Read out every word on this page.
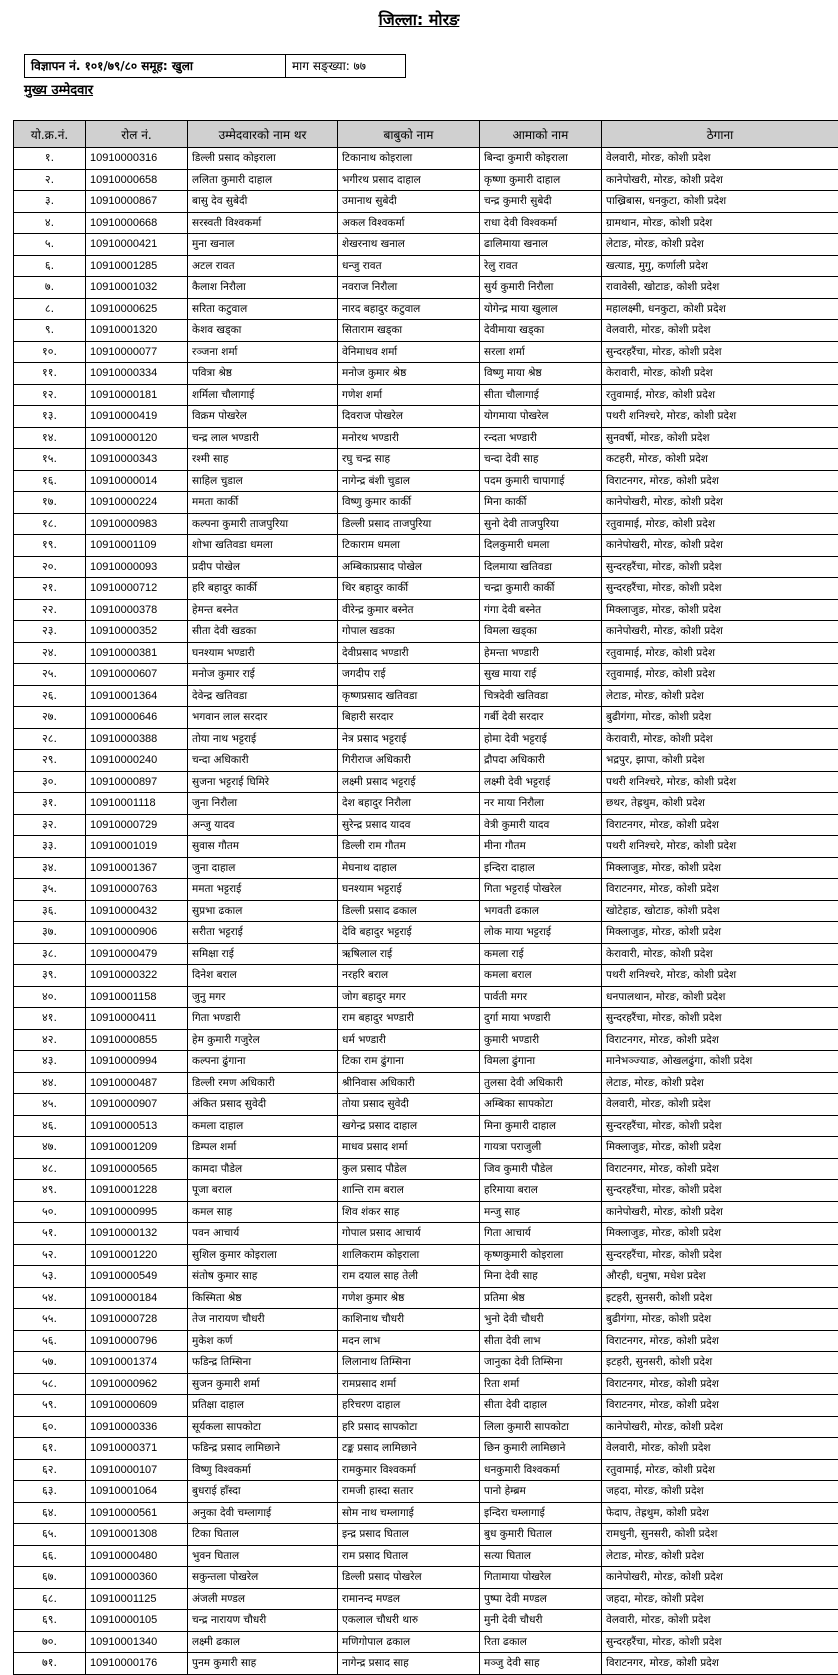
जिल्ला: मोरङ
विज्ञापन नं. १०१/७९/८० समूह: खुला	माग सङ्ख्या: ७७
मुख्य उम्मेदवार
यो.क्र.नं.	रोल नं.	उम्मेदवारको नाम थर	बाबुको नाम	आमाको नाम	ठेगाना
१.	10910000316	डिल्ली प्रसाद कोइराला	टिकानाथ कोइराला	बिन्दा कुमारी कोइराला	वेलवारी, मोरङ, कोशी प्रदेश
२.	10910000658	ललिता कुमारी दाहाल	भगीरथ प्रसाद दाहाल	कृष्णा कुमारी दाहाल	कानेपोखरी, मोरङ, कोशी प्रदेश
३.	10910000867	बासु देव सुबेदी	उमानाथ सुबेदी	चन्द्र कुमारी सुबेदी	पाख्रिबास, धनकुटा, कोशी प्रदेश
४.	10910000668	सरस्वती विश्वकर्मा	अकल विश्वकर्मा	राधा देवी विश्वकर्मा	ग्रामथान, मोरङ, कोशी प्रदेश
५.	10910000421	मुना खनाल	शेखरनाथ खनाल	ढालिमाया खनाल	लेटाङ, मोरङ, कोशी प्रदेश
६.	10910001285	अटल रावत	धन्जु रावत	रेलु रावत	खत्याड, मुगु, कर्णाली प्रदेश
७.	10910001032	कैलाश निरौला	नवराज निरौला	सुर्य कुमारी निरौला	रावावेसी, खोटाङ, कोशी प्रदेश
८.	10910000625	सरिता कटुवाल	नारद बहादुर कटुवाल	योगेन्द्र माया खुलाल	महालक्ष्मी, धनकुटा, कोशी प्रदेश
९.	10910001320	केशव खड्का	सिताराम खड्का	देवीमाया खड्का	वेलवारी, मोरङ, कोशी प्रदेश
१०.	10910000077	रञ्जना शर्मा	वेनिमाधव शर्मा	सरला शर्मा	सुन्दरहरैंचा, मोरङ, कोशी प्रदेश
११.	10910000334	पवित्रा श्रेष्ठ	मनोज कुमार श्रेष्ठ	विष्णु माया श्रेष्ठ	केरावारी, मोरङ, कोशी प्रदेश
१२.	10910000181	शर्मिला चौलागाई	गणेश शर्मा	सीता चौलागाई	रतुवामाई, मोरङ, कोशी प्रदेश
१३.	10910000419	विक्रम पोखरेल	दिवराज पोखरेल	योगमाया पोखरेल	पथरी शनिश्चरे, मोरङ, कोशी प्रदेश
१४.	10910000120	चन्द्र लाल भण्डारी	मनोरथ भण्डारी	रन्दता भण्डारी	सुनवर्षी, मोरङ, कोशी प्रदेश
१५.	10910000343	रश्मी साह	रघु चन्द्र साह	चन्दा देवी साह	कटहरी, मोरङ, कोशी प्रदेश
१६.	10910000014	साहिल चुडाल	नागेन्द्र बंशी चुडाल	पदम कुमारी चापागाई	विराटनगर, मोरङ, कोशी प्रदेश
१७.	10910000224	ममता कार्की	विष्णु कुमार कार्की	मिना कार्की	कानेपोखरी, मोरङ, कोशी प्रदेश
१८.	10910000983	कल्पना कुमारी ताजपुरिया	डिल्ली प्रसाद ताजपुरिया	सुनो देवी ताजपुरिया	रतुवामाई, मोरङ, कोशी प्रदेश
१९.	10910001109	शोभा खतिवडा धमला	टिकाराम धमला	दिलकुमारी धमला	कानेपोखरी, मोरङ, कोशी प्रदेश
२०.	10910000093	प्रदीप पोखेल	अम्बिकाप्रसाद पोखेल	दिलमाया खतिवडा	सुन्दरहरैंचा, मोरङ, कोशी प्रदेश
२१.	10910000712	हरि बहादुर कार्की	थिर बहादुर कार्की	चन्द्रा कुमारी कार्की	सुन्दरहरैंचा, मोरङ, कोशी प्रदेश
२२.	10910000378	हेमन्त बस्नेत	वीरेन्द्र कुमार बस्नेत	गंगा देवी बस्नेत	मिक्लाजुङ, मोरङ, कोशी प्रदेश
२३.	10910000352	सीता देवी खडका	गोपाल खडका	विमला खड्का	कानेपोखरी, मोरङ, कोशी प्रदेश
२४.	10910000381	घनश्याम भण्डारी	देवीप्रसाद भण्डारी	हेमन्ता भण्डारी	रतुवामाई, मोरङ, कोशी प्रदेश
२५.	10910000607	मनोज कुमार राई	जगदीप राई	सुख माया राई	रतुवामाई, मोरङ, कोशी प्रदेश
२६.	10910001364	देवेन्द्र खतिवडा	कृष्णप्रसाद खतिवडा	चित्रदेवी खतिवडा	लेटाङ, मोरङ, कोशी प्रदेश
२७.	10910000646	भगवान लाल सरदार	बिहारी सरदार	गर्बी देवी सरदार	बुढीगंगा, मोरङ, कोशी प्रदेश
२८.	10910000388	तोया नाथ भट्टराई	नेत्र प्रसाद भट्टराई	होमा देवी भट्टराई	केरावारी, मोरङ, कोशी प्रदेश
२९.	10910000240	चन्दा अधिकारी	गिरीराज अधिकारी	द्रौपदा अधिकारी	भद्रपुर, झापा, कोशी प्रदेश
३०.	10910000897	सुजना भट्टराई घिमिरे	लक्ष्मी प्रसाद भट्टराई	लक्ष्मी देवी भट्टराई	पथरी शनिश्चरे, मोरङ, कोशी प्रदेश
३१.	10910001118	जुना निरौला	देश बहादुर निरौला	नर माया निरौला	छथर, तेह्रथुम, कोशी प्रदेश
३२.	10910000729	अन्जु यादव	सुरेन्द्र प्रसाद यादव	वेत्री कुमारी यादव	विराटनगर, मोरङ, कोशी प्रदेश
३३.	10910001019	सुवास गौतम	डिल्ली राम गौतम	मीना गौतम	पथरी शनिश्चरे, मोरङ, कोशी प्रदेश
३४.	10910001367	जुना दाहाल	मेघनाथ दाहाल	इन्दिरा दाहाल	मिक्लाजुङ, मोरङ, कोशी प्रदेश
३५.	10910000763	ममता भट्टराई	घनश्याम भट्टराई	गिता भट्टराई पोखरेल	विराटनगर, मोरङ, कोशी प्रदेश
३६.	10910000432	सुप्रभा ढकाल	डिल्ली प्रसाद ढकाल	भगवती ढकाल	खोटेहाङ, खोटाङ, कोशी प्रदेश
३७.	10910000906	सरीता भट्टराई	देवि बहादुर भट्टराई	लोक माया भट्टराई	मिक्लाजुङ, मोरङ, कोशी प्रदेश
३८.	10910000479	समिक्षा राई	ऋषिलाल राई	कमला राई	केरावारी, मोरङ, कोशी प्रदेश
३९.	10910000322	दिनेश बराल	नरहरि बराल	कमला बराल	पथरी शनिश्चरे, मोरङ, कोशी प्रदेश
४०.	10910001158	जुनु मगर	जोग बहादुर मगर	पार्वती मगर	धनपालथान, मोरङ, कोशी प्रदेश
४१.	10910000411	गिता भण्डारी	राम बहादुर भण्डारी	दुर्गा माया भण्डारी	सुन्दरहरैंचा, मोरङ, कोशी प्रदेश
४२.	10910000855	हेम कुमारी गजुरेल	धर्म भण्डारी	कुमारी भण्डारी	विराटनगर, मोरङ, कोशी प्रदेश
४३.	10910000994	कल्पना ढुंगाना	टिका राम ढुंगाना	विमला ढुंगाना	मानेभञ्ज्याङ, ओखलढुंगा, कोशी प्रदेश
४४.	10910000487	डिल्ली रमण अधिकारी	श्रीनिवास अधिकारी	तुलसा देवी अधिकारी	लेटाङ, मोरङ, कोशी प्रदेश
४५.	10910000907	अंकित प्रसाद सुवेदी	तोया प्रसाद सुवेदी	अम्बिका सापकोटा	वेलवारी, मोरङ, कोशी प्रदेश
४६.	10910000513	कमला दाहाल	खगेन्द्र प्रसाद दाहाल	मिना कुमारी दाहाल	सुन्दरहरैंचा, मोरङ, कोशी प्रदेश
४७.	10910001209	डिम्पल शर्मा	माधव प्रसाद शर्मा	गायत्रा पराजुली	मिक्लाजुङ, मोरङ, कोशी प्रदेश
४८.	10910000565	कामदा पौडेल	कुल प्रसाद पौडेल	जिव कुमारी पौडेल	विराटनगर, मोरङ, कोशी प्रदेश
४९.	10910001228	पूजा बराल	शान्ति राम बराल	हरिमाया बराल	सुन्दरहरैंचा, मोरङ, कोशी प्रदेश
५०.	10910000995	कमल साह	शिव शंकर साह	मन्जु साह	कानेपोखरी, मोरङ, कोशी प्रदेश
५१.	10910000132	पवन आचार्य	गोपाल प्रसाद आचार्य	गिता आचार्य	मिक्लाजुङ, मोरङ, कोशी प्रदेश
५२.	10910001220	सुशिल कुमार कोइराला	शालिकराम कोइराला	कृष्णकुमारी कोइराला	सुन्दरहरैंचा, मोरङ, कोशी प्रदेश
५३.	10910000549	संतोष कुमार साह	राम दयाल साह तेली	मिना देवी साह	औरही, धनुषा, मधेश प्रदेश
५४.	10910000184	किस्मिता श्रेष्ठ	गणेश कुमार श्रेष्ठ	प्रतिमा श्रेष्ठ	इटहरी, सुनसरी, कोशी प्रदेश
५५.	10910000728	तेज नारायण चौधरी	काशिनाथ चौधरी	भुनो देवी चौधरी	बुढीगंगा, मोरङ, कोशी प्रदेश
५६.	10910000796	मुकेश कर्ण	मदन लाभ	सीता देवी लाभ	विराटनगर, मोरङ, कोशी प्रदेश
५७.	10910001374	फडिन्द्र तिम्सिना	लिलानाथ तिम्सिना	जानुका देवी तिम्सिना	इटहरी, सुनसरी, कोशी प्रदेश
५८.	10910000962	सुजन कुमारी शर्मा	रामप्रसाद शर्मा	रिता शर्मा	विराटनगर, मोरङ, कोशी प्रदेश
५९.	10910000609	प्रतिक्षा दाहाल	हरिचरण दाहाल	सीता देवी दाहाल	विराटनगर, मोरङ, कोशी प्रदेश
६०.	10910000336	सूर्यकला सापकोटा	हरि प्रसाद सापकोटा	लिला कुमारी सापकोटा	कानेपोखरी, मोरङ, कोशी प्रदेश
६१.	10910000371	फडिन्द्र प्रसाद लामिछाने	टङ्क प्रसाद लामिछाने	छिन कुमारी लामिछाने	वेलवारी, मोरङ, कोशी प्रदेश
६२.	10910000107	विष्णु विश्वकर्मा	रामकुमार विश्वकर्मा	धनकुमारी विश्वकर्मा	रतुवामाई, मोरङ, कोशी प्रदेश
६३.	10910001064	बुधराई हाँस्दा	रामजी हास्दा सतार	पानो हेम्ब्रम	जहदा, मोरङ, कोशी प्रदेश
६४.	10910000561	अनुका देवी चम्लागाई	सोम नाथ चम्लागाई	इन्दिरा चम्लागाई	फेदाप, तेह्रथुम, कोशी प्रदेश
६५.	10910001308	टिका घिताल	इन्द्र प्रसाद घिताल	बुध कुमारी घिताल	रामधुनी, सुनसरी, कोशी प्रदेश
६६.	10910000480	भुवन घिताल	राम प्रसाद घिताल	सत्या घिताल	लेटाङ, मोरङ, कोशी प्रदेश
६७.	10910000360	सकुन्तला पोखरेल	डिल्ली प्रसाद पोखरेल	गितामाया पोखरेल	कानेपोखरी, मोरङ, कोशी प्रदेश
६८.	10910001125	अंजली मण्डल	रामानन्द मण्डल	पुष्पा देवी मण्डल	जहदा, मोरङ, कोशी प्रदेश
६९.	10910000105	चन्द्र नारायण चौधरी	एकलाल चौधरी थारु	मुनी देवी चौधरी	वेलवारी, मोरङ, कोशी प्रदेश
७०.	10910001340	लक्ष्मी ढकाल	मणिगोपाल ढकाल	रिता ढकाल	सुन्दरहरैंचा, मोरङ, कोशी प्रदेश
७१.	10910000176	पुनम कुमारी साह	नागेन्द्र प्रसाद साह	मञ्जु देवी साह	विराटनगर, मोरङ, कोशी प्रदेश
